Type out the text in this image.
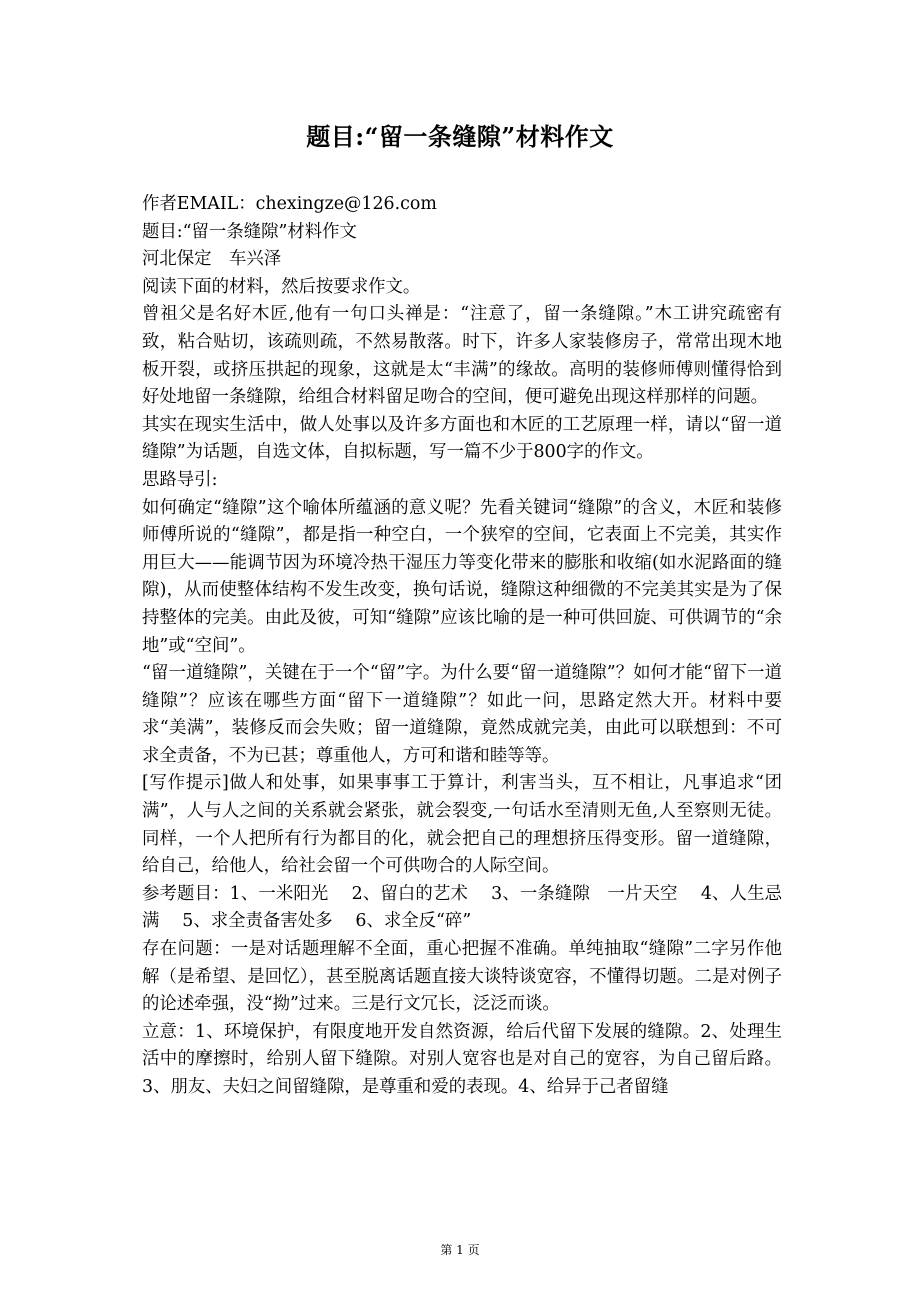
题目:“留一条缝隙”材料作文

作者EMAIL：chexingze@126.com

题目:“留一条缝隙”材料作文

河北保定　车兴泽

阅读下面的材料，然后按要求作文。

曾祖父是名好木匠,他有一句口头禅是：“注意了，留一条缝隙。”木工讲究疏密有致，粘合贴切，该疏则疏，不然易散落。时下，许多人家装修房子，常常出现木地板开裂，或挤压拱起的现象，这就是太“丰满”的缘故。高明的装修师傅则懂得恰到好处地留一条缝隙，给组合材料留足吻合的空间，便可避免出现这样那样的问题。

其实在现实生活中，做人处事以及许多方面也和木匠的工艺原理一样，请以“留一道缝隙”为话题，自选文体，自拟标题，写一篇不少于800字的作文。

思路导引:

如何确定“缝隙”这个喻体所蕴涵的意义呢？先看关键词“缝隙”的含义，木匠和装修师傅所说的“缝隙”，都是指一种空白，一个狭窄的空间，它表面上不完美，其实作用巨大——能调节因为环境冷热干湿压力等变化带来的膨胀和收缩(如水泥路面的缝隙)，从而使整体结构不发生改变，换句话说，缝隙这种细微的不完美其实是为了保持整体的完美。由此及彼，可知“缝隙”应该比喻的是一种可供回旋、可供调节的“余地”或“空间”。

“留一道缝隙”，关键在于一个“留”字。为什么要“留一道缝隙”？如何才能“留下一道缝隙”？应该在哪些方面“留下一道缝隙”？如此一问，思路定然大开。材料中要求“美满”，装修反而会失败；留一道缝隙，竟然成就完美，由此可以联想到：不可求全责备，不为已甚；尊重他人，方可和谐和睦等等。

[写作提示]做人和处事，如果事事工于算计，利害当头，互不相让，凡事追求“团满”，人与人之间的关系就会紧张，就会裂变,一句话水至清则无鱼,人至察则无徒。同样，一个人把所有行为都目的化，就会把自己的理想挤压得变形。留一道缝隙，给自己，给他人，给社会留一个可供吻合的人际空间。

参考题目：1、一米阳光　 2、留白的艺术　 3、一条缝隙　一片天空　 4、人生忌满　 5、求全责备害处多　 6、求全反“碎”

存在问题：一是对话题理解不全面，重心把握不准确。单纯抽取“缝隙”二字另作他解（是希望、是回忆），甚至脱离话题直接大谈特谈宽容，不懂得切题。二是对例子的论述牵强，没“拗”过来。三是行文冗长，泛泛而谈。

立意：1、环境保护，有限度地开发自然资源，给后代留下发展的缝隙。2、处理生活中的摩擦时，给别人留下缝隙。对别人宽容也是对自己的宽容，为自己留后路。3、朋友、夫妇之间留缝隙，是尊重和爱的表现。4、给异于己者留缝

第 1 页
